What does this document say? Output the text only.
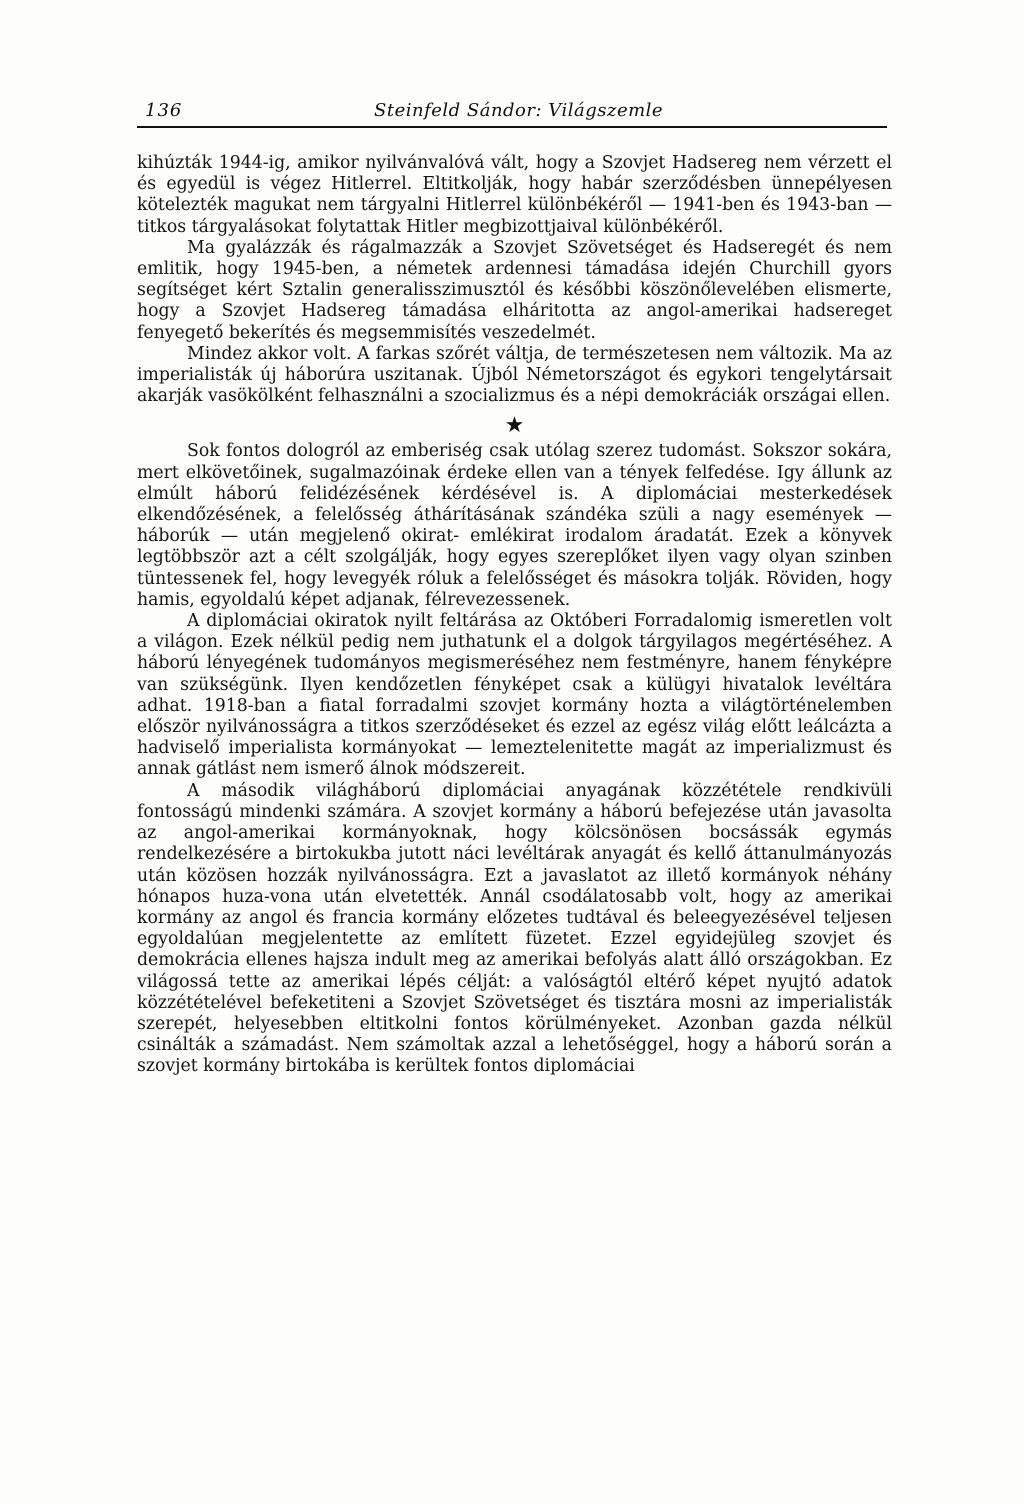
136	Steinfeld Sándor: Világszemle

kihúzták 1944-ig, amikor nyilvánvalóvá vált, hogy a Szovjet Hadsereg nem vérzett el és egyedül is végez Hitlerrel. Eltitkolják, hogy habár szerződésben ünnepélyesen kötelezték magukat nem tárgyalni Hitlerrel különbékéről — 1941-ben és 1943-ban — titkos tárgyalásokat folytattak Hitler megbizottjaival különbékéről.

Ma gyalázzák és rágalmazzák a Szovjet Szövetséget és Hadseregét és nem emlitik, hogy 1945-ben, a németek ardennesi támadása idején Churchill gyors segítséget kért Sztalin generalisszimusztól és későbbi köszönőlevelében elismerte, hogy a Szovjet Hadsereg támadása elháritotta az angol-amerikai hadsereget fenyegető bekerítés és megsemmisítés veszedelmét.

Mindez akkor volt. A farkas szőrét váltja, de természetesen nem változik. Ma az imperialisták új háborúra uszitanak. Újból Németországot és egykori tengelytársait akarják vasökölként felhasználni a szocializmus és a népi demokráciák országai ellen.

★

Sok fontos dologról az emberiség csak utólag szerez tudomást. Sokszor sokára, mert elkövetőinek, sugalmazóinak érdeke ellen van a tények felfedése. Igy állunk az elmúlt háború felidézésének kérdésével is. A diplomáciai mesterkedések elkendőzésének, a felelősség áthárításának szándéka szüli a nagy események — háborúk — után megjelenő okirat- emlékirat irodalom áradatát. Ezek a könyvek legtöbbször azt a célt szolgálják, hogy egyes szereplőket ilyen vagy olyan szinben tüntessenek fel, hogy levegyék róluk a felelősséget és másokra tolják. Röviden, hogy hamis, egyoldalú képet adjanak, félrevezessenek.

A diplomáciai okiratok nyilt feltárása az Októberi Forradalomig ismeretlen volt a világon. Ezek nélkül pedig nem juthatunk el a dolgok tárgyilagos megértéséhez. A háború lényegének tudományos megismeréséhez nem festményre, hanem fényképre van szükségünk. Ilyen kendőzetlen fényképet csak a külügyi hivatalok levéltára adhat. 1918-ban a fiatal forradalmi szovjet kormány hozta a világtörténelemben először nyilvánosságra a titkos szerződéseket és ezzel az egész világ előtt leálcázta a hadviselő imperialista kormányokat — lemeztelenitette magát az imperializmust és annak gátlást nem ismerő álnok módszereit.

A második világháború diplomáciai anyagának közzététele rendkivüli fontosságú mindenki számára. A szovjet kormány a háború befejezése után javasolta az angol-amerikai kormányoknak, hogy kölcsönösen bocsássák egymás rendelkezésére a birtokukba jutott náci levéltárak anyagát és kellő áttanulmányozás után közösen hozzák nyilvánosságra. Ezt a javaslatot az illető kormányok néhány hónapos huza-vona után elvetették. Annál csodálatosabb volt, hogy az amerikai kormány az angol és francia kormány előzetes tudtával és beleegyezésével teljesen egyoldalúan megjelentette az említett füzetet. Ezzel egyidejüleg szovjet és demokrácia ellenes hajsza indult meg az amerikai befolyás alatt álló országokban. Ez világossá tette az amerikai lépés célját: a valóságtól eltérő képet nyujtó adatok közzétételével befeketiteni a Szovjet Szövetséget és tisztára mosni az imperialisták szerepét, helyesebben eltitkolni fontos körülményeket. Azonban gazda nélkül csinálták a számadást. Nem számoltak azzal a lehetőséggel, hogy a háború során a szovjet kormány birtokába is kerültek fontos diplomáciai
